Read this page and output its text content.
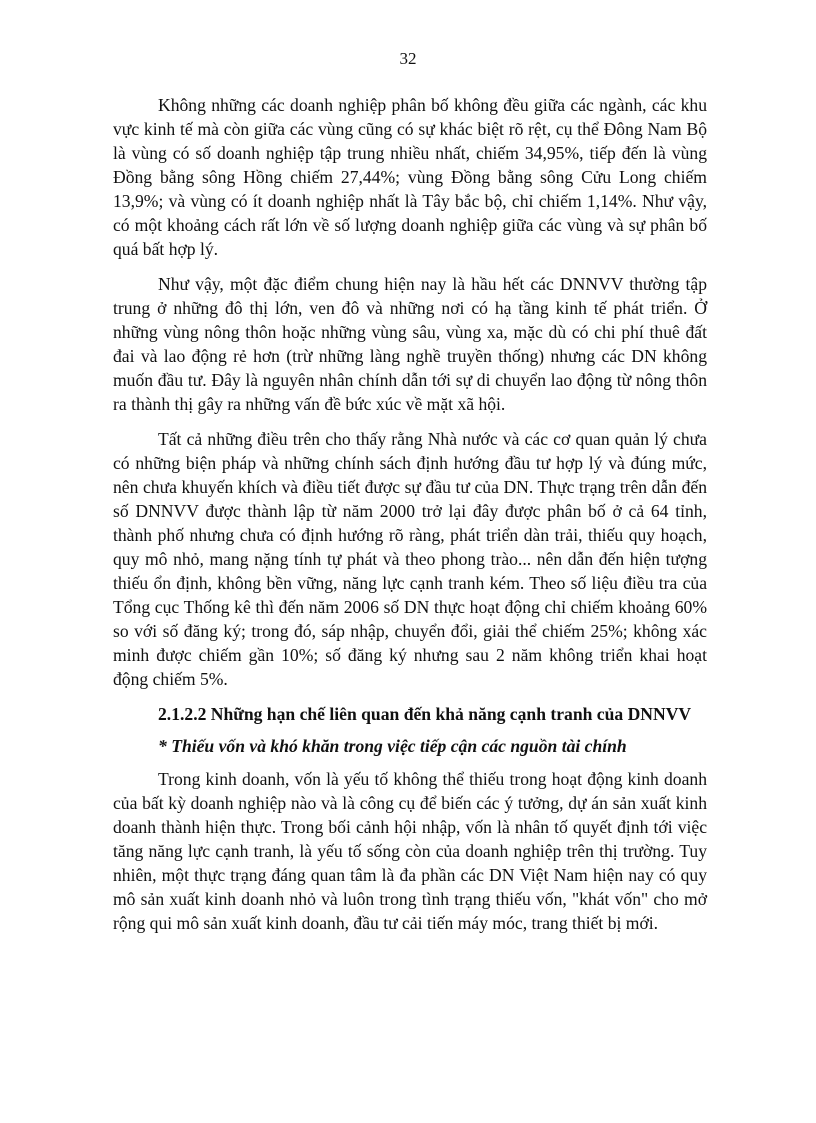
32

Không những các doanh nghiệp phân bố không đều giữa các ngành, các khu vực kinh tế mà còn giữa các vùng cũng có sự khác biệt rõ rệt, cụ thể Đông Nam Bộ là vùng có số doanh nghiệp tập trung nhiều nhất, chiếm 34,95%, tiếp đến là vùng Đồng bằng sông Hồng chiếm 27,44%; vùng Đồng bằng sông Cửu Long chiếm 13,9%; và vùng có ít doanh nghiệp nhất là Tây bắc bộ, chỉ chiếm 1,14%. Như vậy, có một khoảng cách rất lớn về số lượng doanh nghiệp giữa các vùng và sự phân bố quá bất hợp lý.

Như vậy, một đặc điểm chung hiện nay là hầu hết các DNNVV thường tập trung ở những đô thị lớn, ven đô và những nơi có hạ tầng kinh tế phát triển. Ở những vùng nông thôn hoặc những vùng sâu, vùng xa, mặc dù có chi phí thuê đất đai và lao động rẻ hơn (trừ những làng nghề truyền thống) nhưng các DN không muốn đầu tư. Đây là nguyên nhân chính dẫn tới sự di chuyển lao động từ nông thôn ra thành thị gây ra những vấn đề bức xúc về mặt xã hội.

Tất cả những điều trên cho thấy rằng Nhà nước và các cơ quan quản lý chưa có những biện pháp và những chính sách định hướng đầu tư hợp lý và đúng mức, nên chưa khuyến khích và điều tiết được sự đầu tư của DN. Thực trạng trên dẫn đến số DNNVV được thành lập từ năm 2000 trở lại đây được phân bố ở cả 64 tỉnh, thành phố nhưng chưa có định hướng rõ ràng, phát triển dàn trải, thiếu quy hoạch, quy mô nhỏ, mang nặng tính tự phát và theo phong trào... nên dẫn đến hiện tượng thiếu ổn định, không bền vững, năng lực cạnh tranh kém. Theo số liệu điều tra của Tổng cục Thống kê thì đến năm 2006 số DN thực hoạt động chỉ chiếm khoảng 60% so với số đăng ký; trong đó, sáp nhập, chuyển đổi, giải thể chiếm 25%; không xác minh được chiếm gần 10%; số đăng ký nhưng sau 2 năm không triển khai hoạt động chiếm 5%.

2.1.2.2 Những hạn chế liên quan đến khả năng cạnh tranh của DNNVV

* Thiếu vốn và khó khăn trong việc tiếp cận các nguồn tài chính

Trong kinh doanh, vốn là yếu tố không thể thiếu trong hoạt động kinh doanh của bất kỳ doanh nghiệp nào và là công cụ để biến các ý tưởng, dự án sản xuất kinh doanh thành hiện thực. Trong bối cảnh hội nhập, vốn là nhân tố quyết định tới việc tăng năng lực cạnh tranh, là yếu tố sống còn của doanh nghiệp trên thị trường. Tuy nhiên, một thực trạng đáng quan tâm là đa phần các DN Việt Nam hiện nay có quy mô sản xuất kinh doanh nhỏ và luôn trong tình trạng thiếu vốn, "khát vốn" cho mở rộng qui mô sản xuất kinh doanh, đầu tư cải tiến máy móc, trang thiết bị mới.
